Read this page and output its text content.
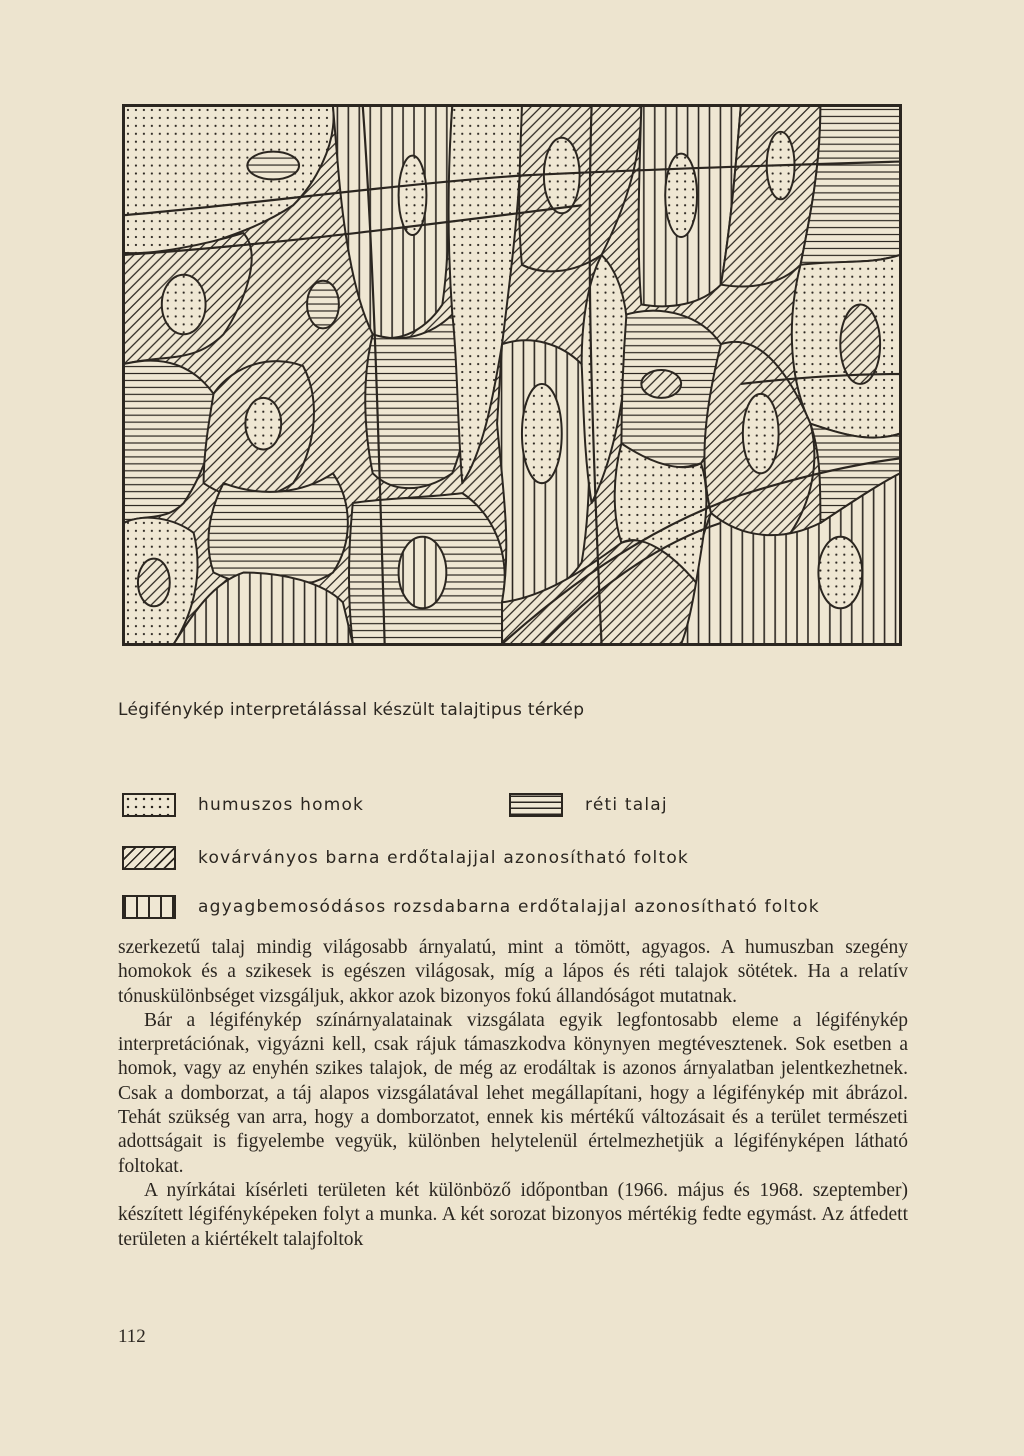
Légifénykép interpretálással készült talajtipus térkép
humuszos homok	réti talaj
kovárványos barna erdőtalajjal azonosítható foltok
agyagbemosódásos rozsdabarna erdőtalajjal azonosítható foltok

szerkezetű talaj mindig világosabb árnyalatú, mint a tömött, agyagos. A humuszban szegény homokok és a szikesek is egészen világosak, míg a lápos és réti talajok sötétek. Ha a relatív tónuskülönbséget vizsgáljuk, akkor azok bizonyos fokú állandóságot mutatnak.

Bár a légifénykép színárnyalatainak vizsgálata egyik legfontosabb eleme a légifénykép interpretációnak, vigyázni kell, csak rájuk támaszkodva könynyen megtévesztenek. Sok esetben a homok, vagy az enyhén szikes talajok, de még az erodáltak is azonos árnyalatban jelentkezhetnek. Csak a domborzat, a táj alapos vizsgálatával lehet megállapítani, hogy a légifénykép mit ábrázol. Tehát szükség van arra, hogy a domborzatot, ennek kis mértékű változásait és a terület természeti adottságait is figyelembe vegyük, különben helytelenül értelmezhetjük a légifényképen látható foltokat.

A nyírkátai kísérleti területen két különböző időpontban (1966. május és 1968. szeptember) készített légifényképeken folyt a munka. A két sorozat bizonyos mértékig fedte egymást. Az átfedett területen a kiértékelt talajfoltok

112
